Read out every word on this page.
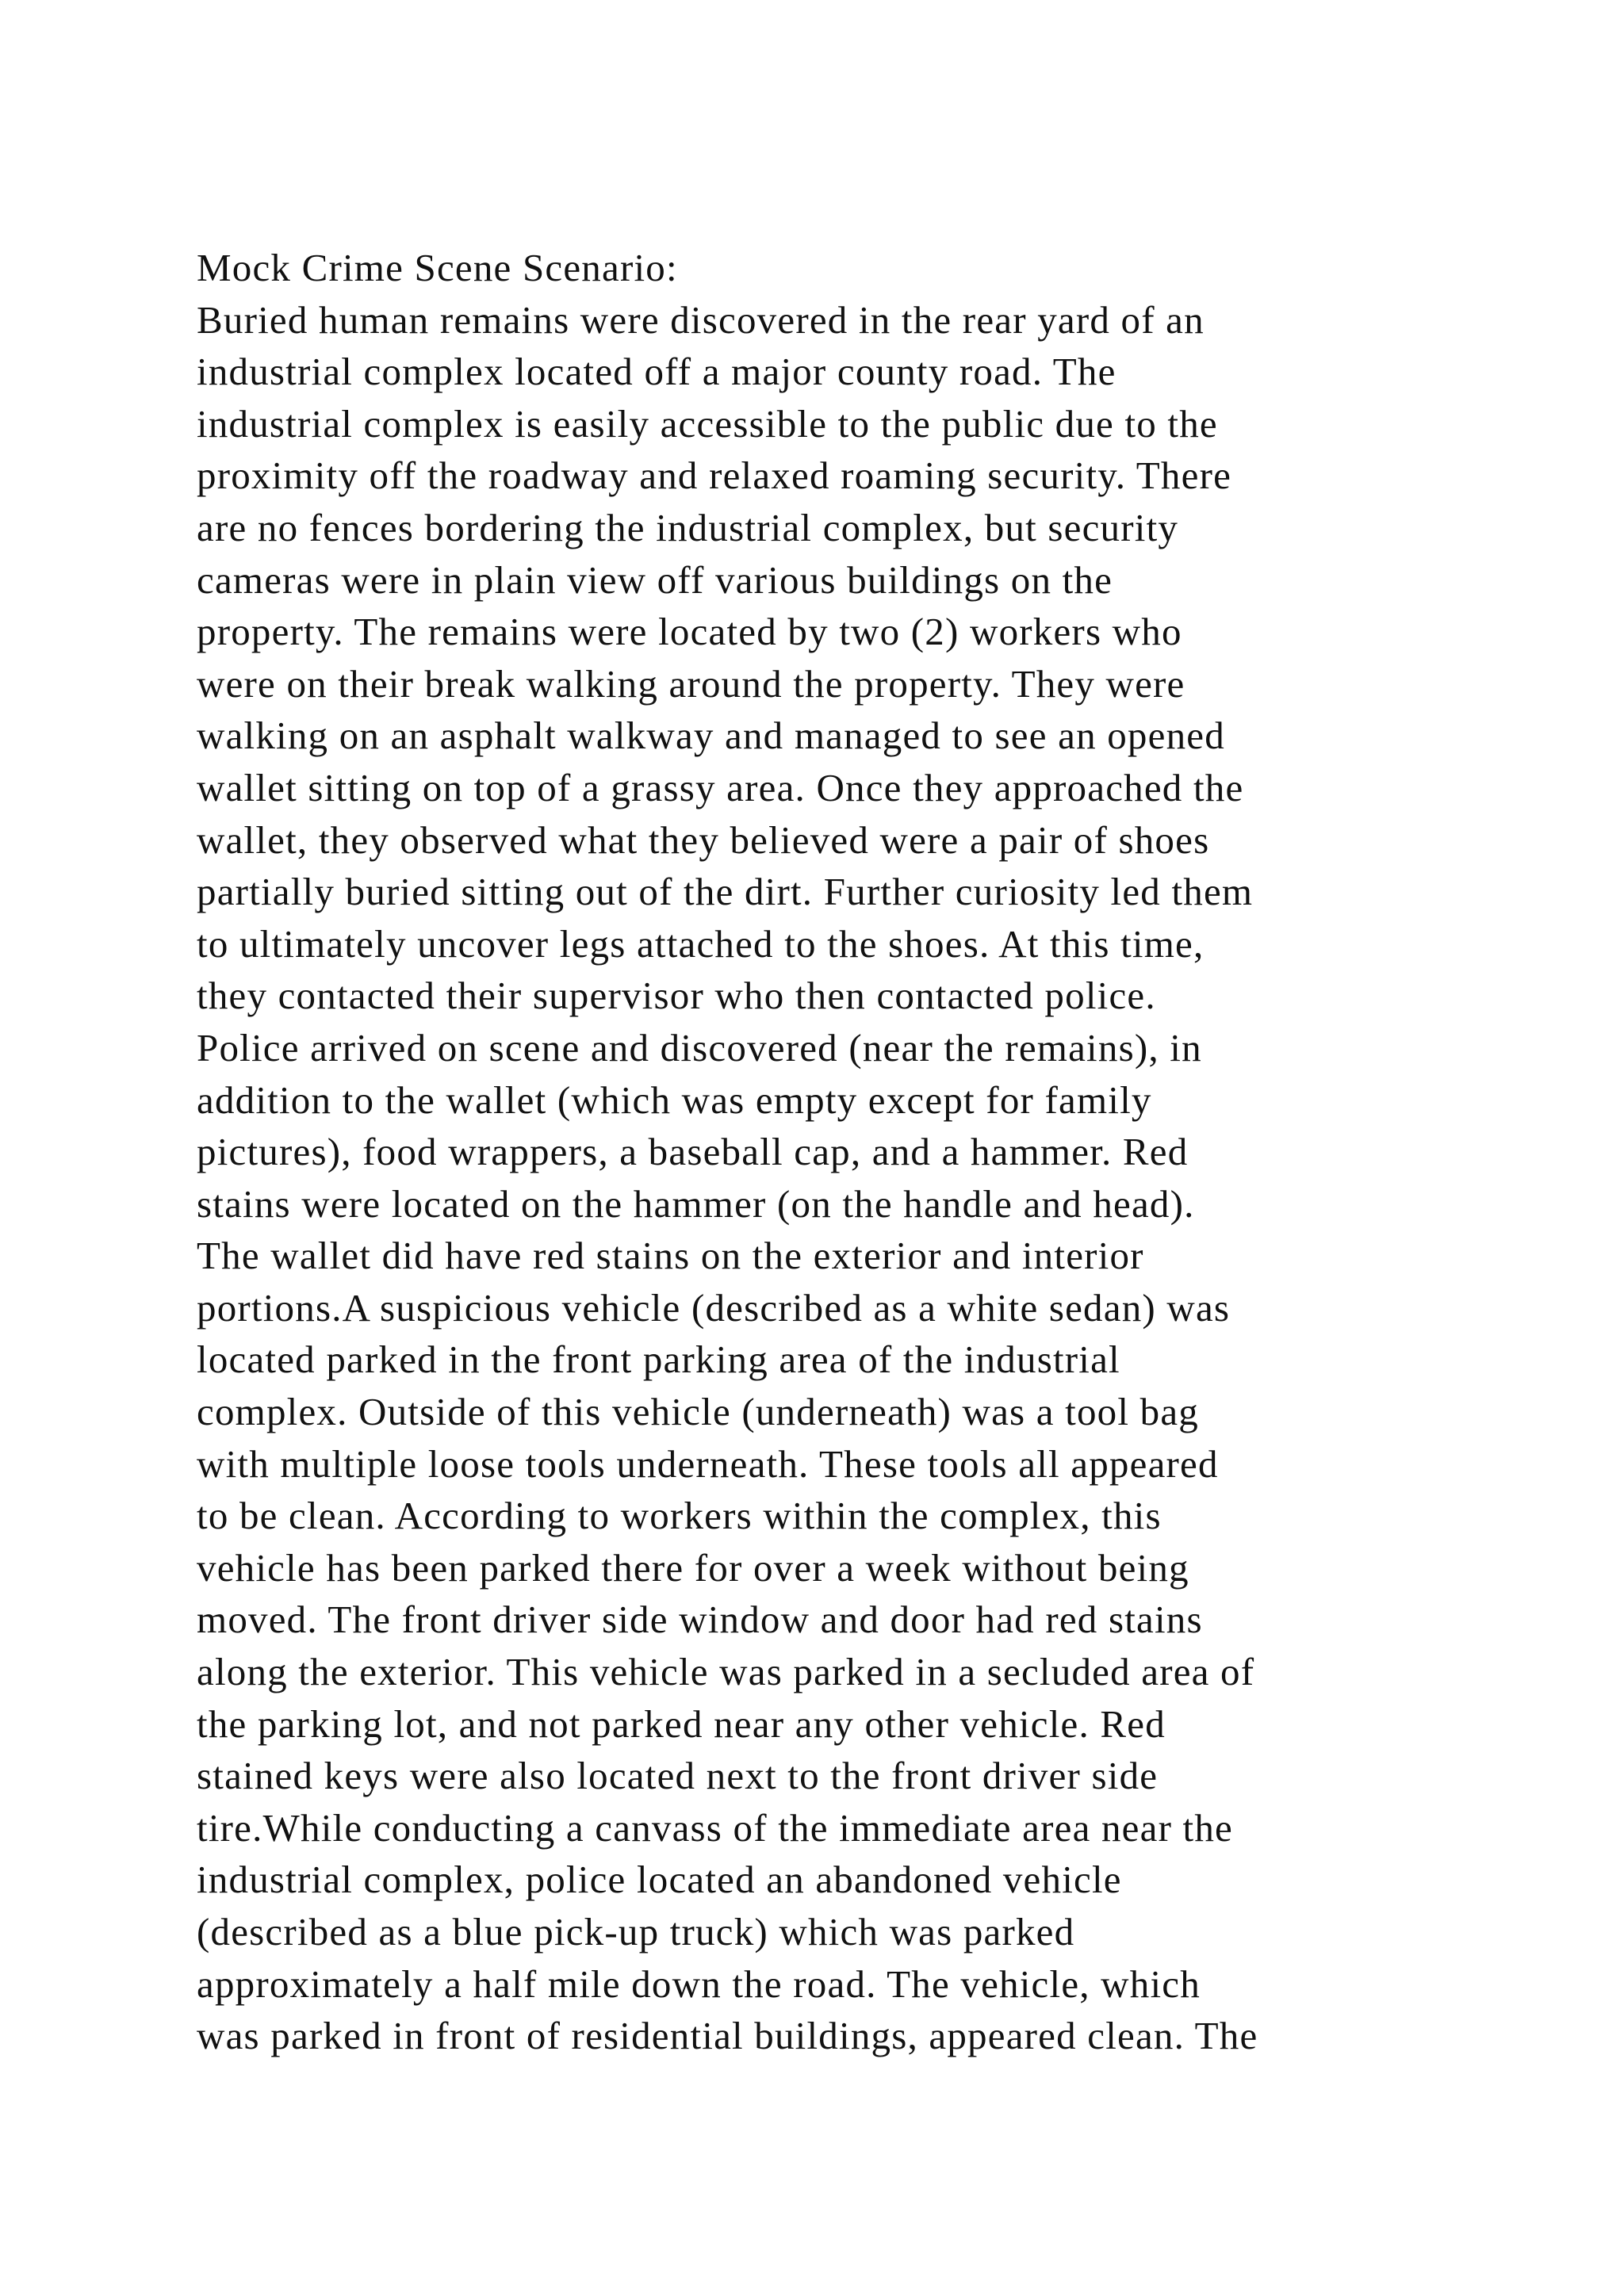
Mock Crime Scene Scenario:
Buried human remains were discovered in the rear yard of an
industrial complex located off a major county road. The
industrial complex is easily accessible to the public due to the
proximity off the roadway and relaxed roaming security. There
are no fences bordering the industrial complex, but security
cameras were in plain view off various buildings on the
property. The remains were located by two (2) workers who
were on their break walking around the property. They were
walking on an asphalt walkway and managed to see an opened
wallet sitting on top of a grassy area. Once they approached the
wallet, they observed what they believed were a pair of shoes
partially buried sitting out of the dirt. Further curiosity led them
to ultimately uncover legs attached to the shoes. At this time,
they contacted their supervisor who then contacted police.
Police arrived on scene and discovered (near the remains), in
addition to the wallet (which was empty except for family
pictures), food wrappers, a baseball cap, and a hammer. Red
stains were located on the hammer (on the handle and head).
The wallet did have red stains on the exterior and interior
portions.A suspicious vehicle (described as a white sedan) was
located parked in the front parking area of the industrial
complex. Outside of this vehicle (underneath) was a tool bag
with multiple loose tools underneath. These tools all appeared
to be clean. According to workers within the complex, this
vehicle has been parked there for over a week without being
moved. The front driver side window and door had red stains
along the exterior. This vehicle was parked in a secluded area of
the parking lot, and not parked near any other vehicle. Red
stained keys were also located next to the front driver side
tire.While conducting a canvass of the immediate area near the
industrial complex, police located an abandoned vehicle
(described as a blue pick-up truck) which was parked
approximately a half mile down the road. The vehicle, which
was parked in front of residential buildings, appeared clean. The
